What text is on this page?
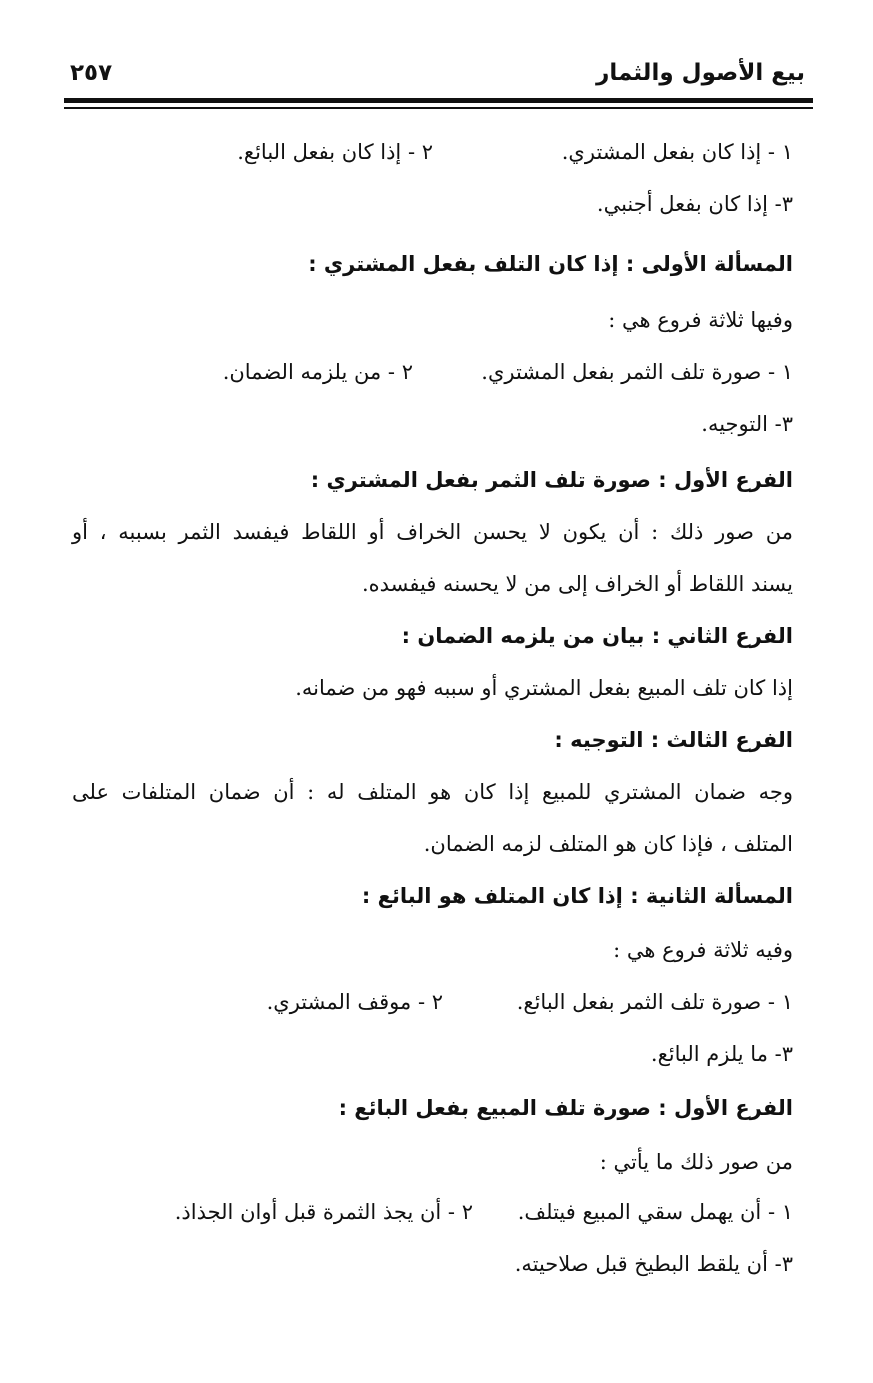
بيع الأصول والثمار
٢٥٧
١ - إذا كان بفعل المشتري.
٢ - إذا كان بفعل البائع.
٣- إذا كان بفعل أجنبي.
المسألة الأولى : إذا كان التلف بفعل المشتري :
وفيها ثلاثة فروع هي :
١ - صورة تلف الثمر بفعل المشتري.
٢ - من يلزمه الضمان.
٣- التوجيه.
الفرع الأول : صورة تلف الثمر بفعل المشتري :
من صور ذلك : أن يكون لا يحسن الخراف أو اللقاط فيفسد الثمر بسببه ، أو
يسند اللقاط أو الخراف إلى من لا يحسنه فيفسده.
الفرع الثاني : بيان من يلزمه الضمان :
إذا كان تلف المبيع بفعل المشتري أو سببه فهو من ضمانه.
الفرع الثالث : التوجيه :
وجه ضمان المشتري للمبيع إذا كان هو المتلف له : أن ضمان المتلفات على
المتلف ، فإذا كان هو المتلف لزمه الضمان.
المسألة الثانية : إذا كان المتلف هو البائع :
وفيه ثلاثة فروع هي :
١ - صورة تلف الثمر بفعل البائع.
٢ - موقف المشتري.
٣- ما يلزم البائع.
الفرع الأول : صورة تلف المبيع بفعل البائع :
من صور ذلك ما يأتي :
١ - أن يهمل سقي المبيع فيتلف.
٢ - أن يجذ الثمرة قبل أوان الجذاذ.
٣- أن يلقط البطيخ قبل صلاحيته.
